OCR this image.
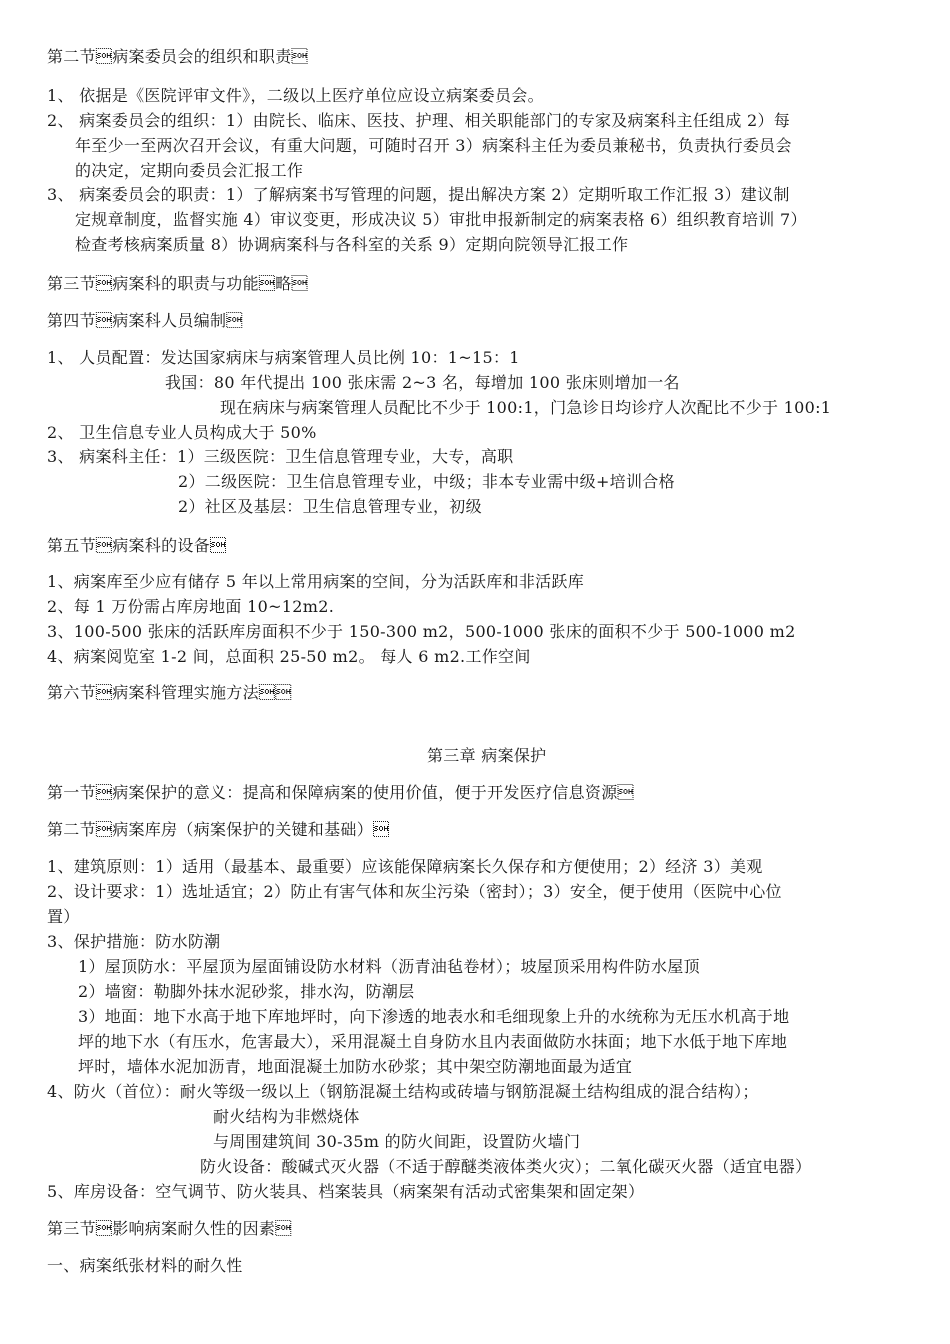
第二节病案委员会的组织和职责
1、 依据是《医院评审文件》，二级以上医疗单位应设立病案委员会。
2、 病案委员会的组织：1）由院长、临床、医技、护理、相关职能部门的专家及病案科主任组成 2）每
年至少一至两次召开会议，有重大问题，可随时召开 3）病案科主任为委员兼秘书，负责执行委员会
的决定，定期向委员会汇报工作
3、 病案委员会的职责：1）了解病案书写管理的问题，提出解决方案 2）定期听取工作汇报 3）建议制
定规章制度，监督实施 4）审议变更，形成决议 5）审批申报新制定的病案表格 6）组织教育培训 7）
检查考核病案质量 8）协调病案科与各科室的关系 9）定期向院领导汇报工作
第三节病案科的职责与功能略
第四节病案科人员编制
1、 人员配置：发达国家病床与病案管理人员比例 10：1~15：1
我国：80 年代提出 100 张床需 2~3 名，每增加 100 张床则增加一名
现在病床与病案管理人员配比不少于 100:1，门急诊日均诊疗人次配比不少于 100:1
2、 卫生信息专业人员构成大于 50%
3、 病案科主任：1）三级医院：卫生信息管理专业，大专，高职
2）二级医院：卫生信息管理专业，中级；非本专业需中级+培训合格
2）社区及基层：卫生信息管理专业，初级
第五节病案科的设备
1、病案库至少应有储存 5 年以上常用病案的空间，分为活跃库和非活跃库
2、每 1 万份需占库房地面 10~12m2.
3、100-500 张床的活跃库房面积不少于 150-300 m2，500-1000 张床的面积不少于 500-1000 m2
4、病案阅览室 1-2 间，总面积 25-50 m2。 每人 6 m2.工作空间
第六节病案科管理实施方法
第三章 病案保护
第一节病案保护的意义：提高和保障病案的使用价值，便于开发医疗信息资源
第二节病案库房（病案保护的关键和基础）
1、建筑原则：1）适用（最基本、最重要）应该能保障病案长久保存和方便使用；2）经济 3）美观
2、设计要求：1）选址适宜；2）防止有害气体和灰尘污染（密封）；3）安全，便于使用（医院中心位
置）
3、保护措施：防水防潮
1）屋顶防水：平屋顶为屋面铺设防水材料（沥青油毡卷材）；坡屋顶采用构件防水屋顶
2）墙窗：勒脚外抹水泥砂浆，排水沟，防潮层
3）地面：地下水高于地下库地坪时，向下渗透的地表水和毛细现象上升的水统称为无压水机高于地
坪的地下水（有压水，危害最大），采用混凝土自身防水且内表面做防水抹面；地下水低于地下库地
坪时，墙体水泥加沥青，地面混凝土加防水砂浆；其中架空防潮地面最为适宜
4、防火（首位）：耐火等级一级以上（钢筋混凝土结构或砖墙与钢筋混凝土结构组成的混合结构）；
耐火结构为非燃烧体
与周围建筑间 30-35m 的防火间距，设置防火墙门
防火设备：酸碱式灭火器（不适于醇醚类液体类火灾）；二氧化碳灭火器（适宜电器）
5、库房设备：空气调节、防火装具、档案装具（病案架有活动式密集架和固定架）
第三节影响病案耐久性的因素
一、病案纸张材料的耐久性
